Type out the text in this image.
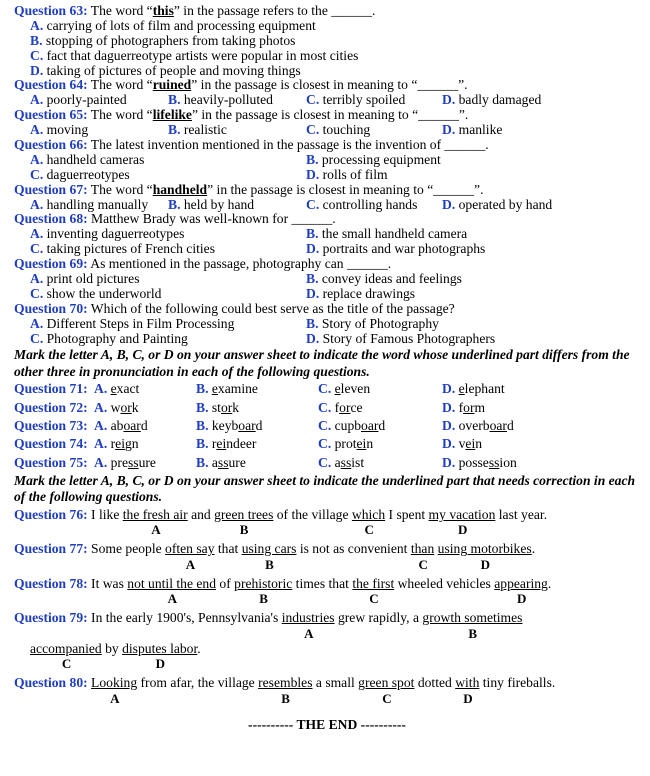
Question 63: The word “this” in the passage refers to the ______.
A. carrying of lots of film and processing equipment
B. stopping of photographers from taking photos
C. fact that daguerreotype artists were popular in most cities
D. taking of pictures of people and moving things
Question 64: The word “ruined” in the passage is closest in meaning to “______”.
A. poorly-painted	B. heavily-polluted C. terribly spoiled	D. badly damaged
Question 65: The word “lifelike” in the passage is closest in meaning to “______”.
A. moving	B. realistic	C. touching	D. manlike
Question 66: The latest invention mentioned in the passage is the invention of ______.
A. handheld cameras	B. processing equipment
C. daguerreotypes	D. rolls of film
Question 67: The word “handheld” in the passage is closest in meaning to “______”.
A. handling manually B. held by hand	C. controlling hands D. operated by hand
Question 68: Matthew Brady was well-known for ______.
A. inventing daguerreotypes	B. the small handheld camera
C. taking pictures of French cities	D. portraits and war photographs
Question 69: As mentioned in the passage, photography can ______.
A. print old pictures	B. convey ideas and feelings
C. show the underworld	D. replace drawings
Question 70: Which of the following could best serve as the title of the passage?
A. Different Steps in Film Processing	B. Story of Photography
C. Photography and Painting	D. Story of Famous Photographers
Mark the letter A, B, C, or D on your answer sheet to indicate the word whose underlined part differs from the other three in pronunciation in each of the following questions.
Question 71: A. exact	B. examine	C. eleven	D. elephant
Question 72: A. work	B. stork	C. force	D. form
Question 73: A. aboard	B. keyboard	C. cupboard	D. overboard
Question 74: A. reign	B. reindeer	C. protein	D. vein
Question 75: A. pressure	B. assure	C. assist	D. possession
Mark the letter A, B, C, or D on your answer sheet to indicate the underlined part that needs correction in each of the following questions.
Question 76: I like the fresh air and green trees of the village which I spent my vacation last year.
A	B	C	D
Question 77: Some people often say that using cars is not as convenient than using motorbikes.
A	B	C	D
Question 78: It was not until the end of prehistoric times that the first wheeled vehicles appearing.
A	B	C	D
Question 79: In the early 1900's, Pennsylvania's industries grew rapidly, a growth sometimes
A	B
accompanied by disputes labor.
C	D
Question 80: Looking from afar, the village resembles a small green spot dotted with tiny fireballs.
A	B	C	D
---------- THE END ----------
